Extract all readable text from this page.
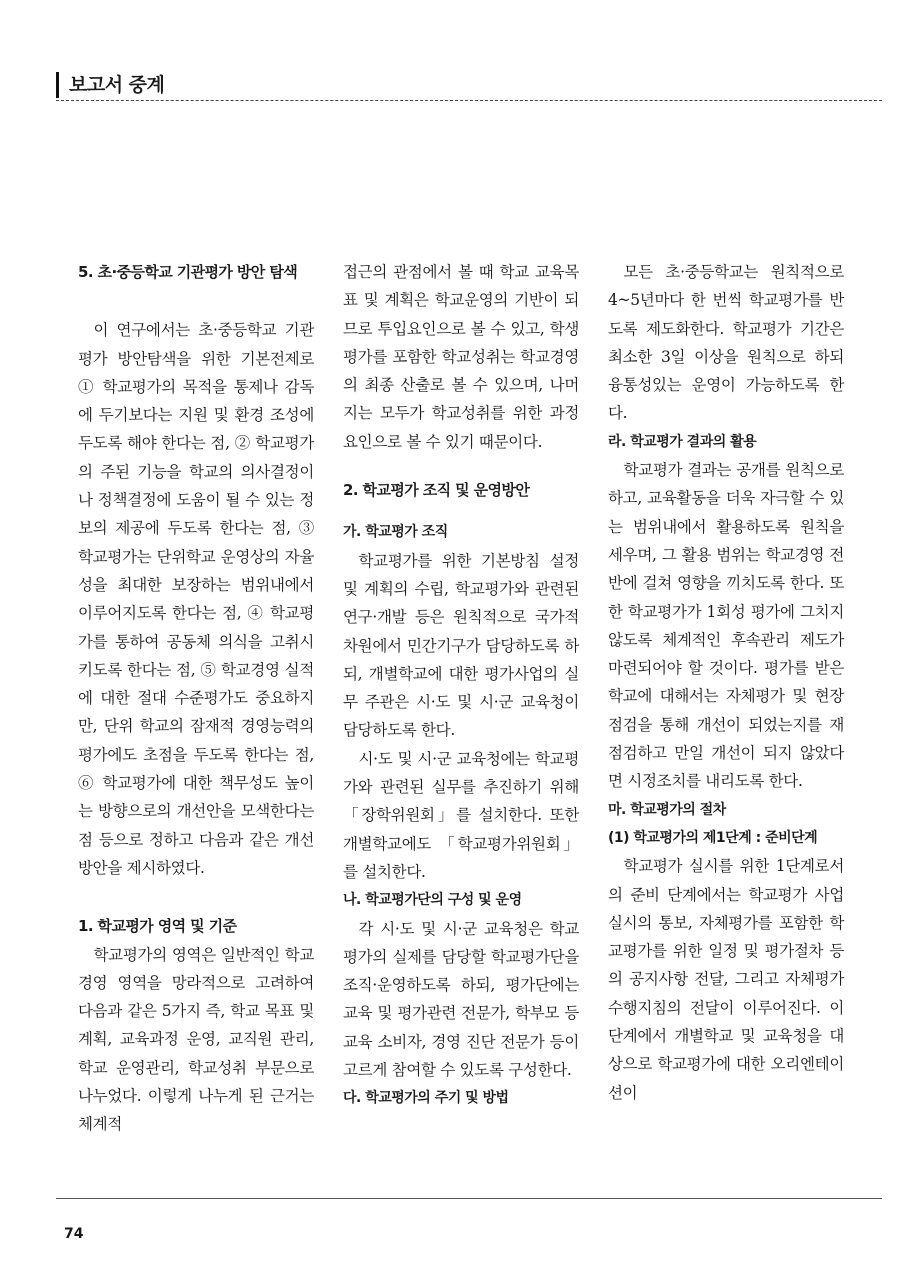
보고서 중계

5. 초·중등학교 기관평가 방안 탐색

이 연구에서는 초·중등학교 기관평가 방안탐색을 위한 기본전제로 ① 학교평가의 목적을 통제나 감독에 두기보다는 지원 및 환경 조성에 두도록 해야 한다는 점, ② 학교평가의 주된 기능을 학교의 의사결정이나 정책결정에 도움이 될 수 있는 정보의 제공에 두도록 한다는 점, ③ 학교평가는 단위학교 운영상의 자율성을 최대한 보장하는 범위내에서 이루어지도록 한다는 점, ④ 학교평가를 통하여 공동체 의식을 고취시키도록 한다는 점, ⑤ 학교경영 실적에 대한 절대 수준평가도 중요하지만, 단위 학교의 잠재적 경영능력의 평가에도 초점을 두도록 한다는 점, ⑥ 학교평가에 대한 책무성도 높이는 방향으로의 개선안을 모색한다는 점 등으로 정하고 다음과 같은 개선방안을 제시하였다.

1. 학교평가 영역 및 기준

학교평가의 영역은 일반적인 학교경영 영역을 망라적으로 고려하여 다음과 같은 5가지 즉, 학교 목표 및 계획, 교육과정 운영, 교직원 관리, 학교 운영관리, 학교성취 부문으로 나누었다. 이렇게 나누게 된 근거는 체계적

접근의 관점에서 볼 때 학교 교육목표 및 계획은 학교운영의 기반이 되므로 투입요인으로 볼 수 있고, 학생평가를 포함한 학교성취는 학교경영의 최종 산출로 볼 수 있으며, 나머지는 모두가 학교성취를 위한 과정요인으로 볼 수 있기 때문이다.

2. 학교평가 조직 및 운영방안

가. 학교평가 조직

학교평가를 위한 기본방침 설정 및 계획의 수립, 학교평가와 관련된 연구·개발 등은 원칙적으로 국가적 차원에서 민간기구가 담당하도록 하되, 개별학교에 대한 평가사업의 실무 주관은 시·도 및 시·군 교육청이 담당하도록 한다.

시·도 및 시·군 교육청에는 학교평가와 관련된 실무를 추진하기 위해 「장학위원회」를 설치한다. 또한 개별학교에도 「학교평가위원회」를 설치한다.

나. 학교평가단의 구성 및 운영

각 시·도 및 시·군 교육청은 학교평가의 실제를 담당할 학교평가단을 조직·운영하도록 하되, 평가단에는 교육 및 평가관련 전문가, 학부모 등 교육 소비자, 경영 진단 전문가 등이 고르게 참여할 수 있도록 구성한다.

다. 학교평가의 주기 및 방법

모든 초·중등학교는 원칙적으로 4~5년마다 한 번씩 학교평가를 반도록 제도화한다. 학교평가 기간은 최소한 3일 이상을 원칙으로 하되 융통성있는 운영이 가능하도록 한다.

라. 학교평가 결과의 활용

학교평가 결과는 공개를 원칙으로 하고, 교육활동을 더욱 자극할 수 있는 범위내에서 활용하도록 원칙을 세우며, 그 활용 범위는 학교경영 전반에 걸쳐 영향을 끼치도록 한다. 또한 학교평가가 1회성 평가에 그치지 않도록 체계적인 후속관리 제도가 마련되어야 할 것이다. 평가를 받은 학교에 대해서는 자체평가 및 현장 점검을 통해 개선이 되었는지를 재점검하고 만일 개선이 되지 않았다면 시정조치를 내리도록 한다.

마. 학교평가의 절차

(1) 학교평가의 제1단계 : 준비단계

학교평가 실시를 위한 1단계로서의 준비 단계에서는 학교평가 사업 실시의 통보, 자체평가를 포함한 학교평가를 위한 일정 및 평가절차 등의 공지사항 전달, 그리고 자체평가 수행지침의 전달이 이루어진다. 이 단계에서 개별학교 및 교육청을 대상으로 학교평가에 대한 오리엔테이션이

74
